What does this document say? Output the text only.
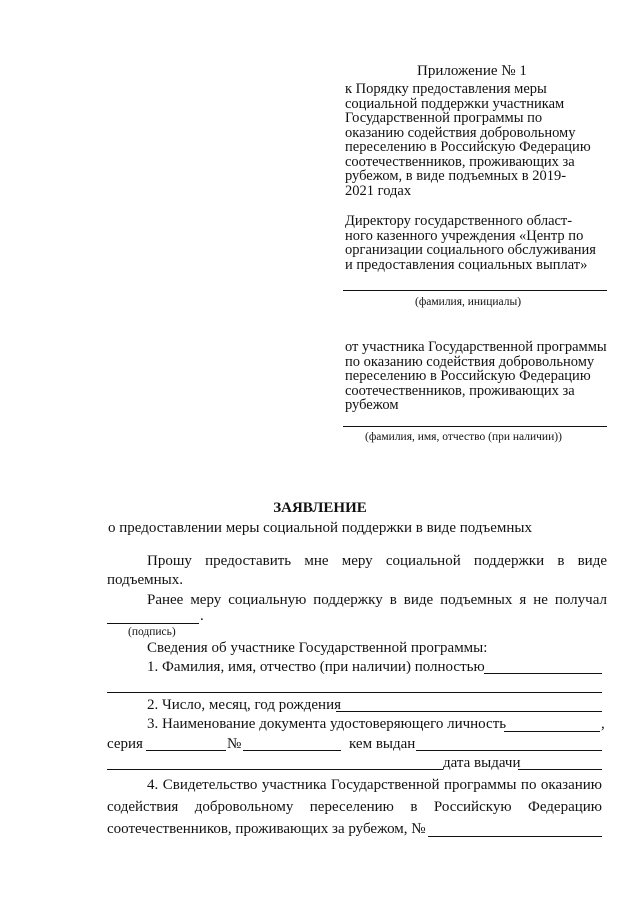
Приложение № 1
к Порядку предоставления меры
социальной поддержки участникам
Государственной программы по
оказанию содействия добровольному
переселению в Российскую Федерацию
соотечественников, проживающих за
рубежом, в виде подъемных в 2019-
2021 годах
Директору государственного област-
ного казенного учреждения «Центр по
организации социального обслуживания
и предоставления социальных выплат»
(фамилия, инициалы)
от участника Государственной программы
по оказанию содействия добровольному
переселению в Российскую Федерацию
соотечественников, проживающих за
рубежом
(фамилия, имя, отчество (при наличии))
ЗАЯВЛЕНИЕ
о предоставлении меры социальной поддержки в виде подъемных
Прошу предоставить мне меру социальной поддержки в виде
подъемных.
Ранее меру социальную поддержку в виде подъемных я не получал
.
(подпись)
Сведения об участнике Государственной программы:
1. Фамилия, имя, отчество (при наличии) полностью
2. Число, месяц, год рождения
3. Наименование документа удостоверяющего личность	,
серия	№	кем выдан
дата выдачи
4. Свидетельство участника Государственной программы по оказанию
содействия добровольному переселению в Российскую Федерацию
соотечественников, проживающих за рубежом, №
